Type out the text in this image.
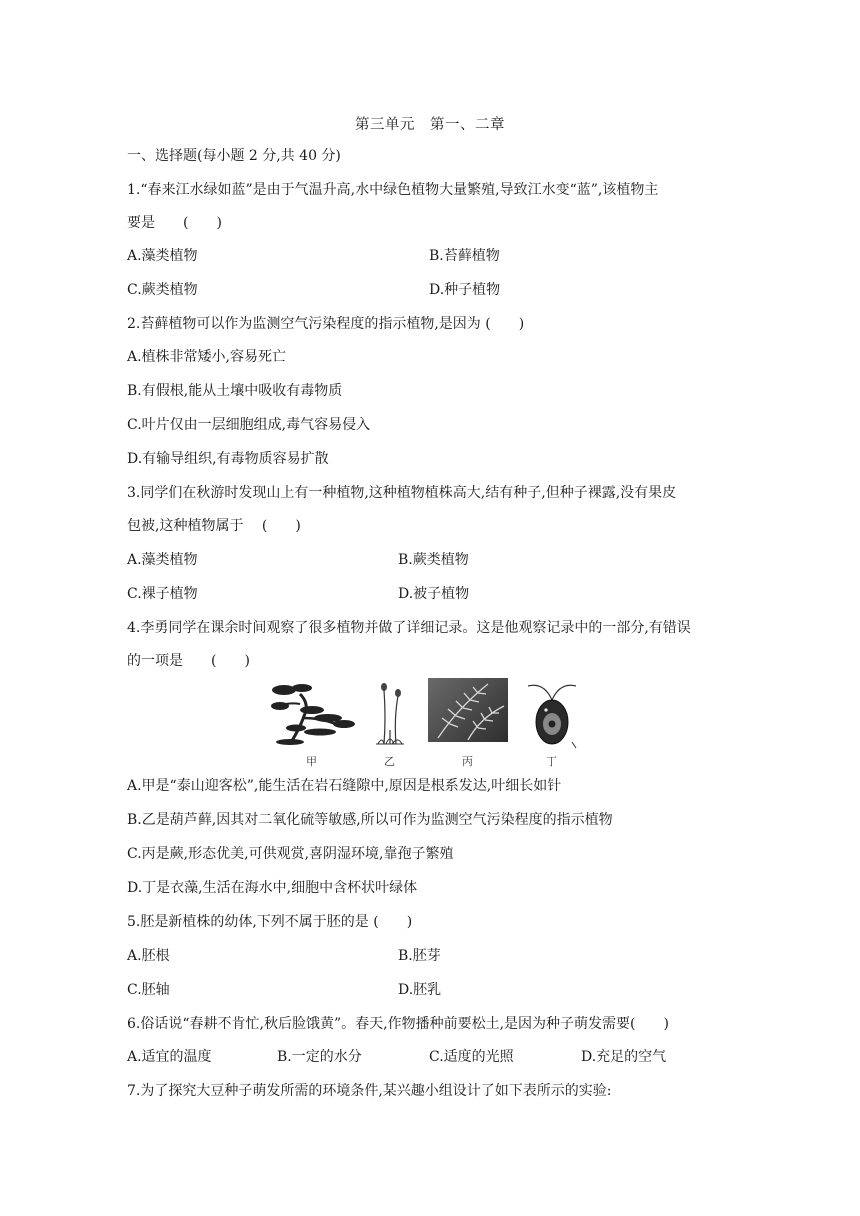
第三单元　第一、二章
一、选择题(每小题 2 分,共 40 分)
1.“春来江水绿如蓝”是由于气温升高,水中绿色植物大量繁殖,导致江水变“蓝”,该植物主
要是　　(　　)
A.藻类植物	B.苔藓植物
C.蕨类植物	D.种子植物
2.苔藓植物可以作为监测空气污染程度的指示植物,是因为 (　　)
A.植株非常矮小,容易死亡
B.有假根,能从土壤中吸收有毒物质
C.叶片仅由一层细胞组成,毒气容易侵入
D.有输导组织,有毒物质容易扩散
3.同学们在秋游时发现山上有一种植物,这种植物植株高大,结有种子,但种子裸露,没有果皮
包被,这种植物属于　 (　　)
A.藻类植物	B.蕨类植物
C.裸子植物	D.被子植物
4.李勇同学在课余时间观察了很多植物并做了详细记录。这是他观察记录中的一部分,有错误
的一项是　　(　　)
甲	乙	丙	丁
A.甲是“泰山迎客松”,能生活在岩石缝隙中,原因是根系发达,叶细长如针
B.乙是葫芦藓,因其对二氧化硫等敏感,所以可作为监测空气污染程度的指示植物
C.丙是蕨,形态优美,可供观赏,喜阴湿环境,靠孢子繁殖
D.丁是衣藻,生活在海水中,细胞中含杯状叶绿体
5.胚是新植株的幼体,下列不属于胚的是 (　　)
A.胚根	B.胚芽
C.胚轴	D.胚乳
6.俗话说“春耕不肯忙,秋后脸饿黄”。春天,作物播种前要松土,是因为种子萌发需要(　　)
A.适宜的温度	B.一定的水分	C.适度的光照	D.充足的空气
7.为了探究大豆种子萌发所需的环境条件,某兴趣小组设计了如下表所示的实验:
